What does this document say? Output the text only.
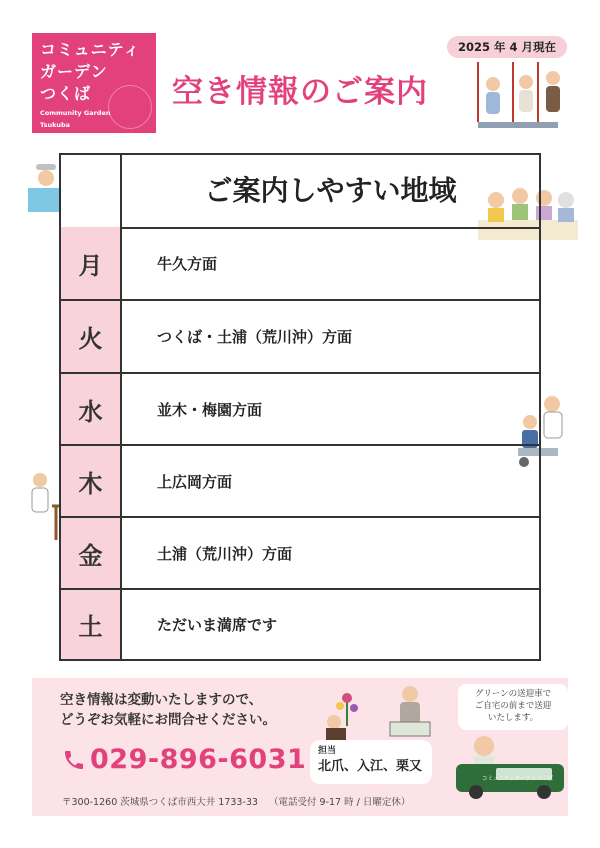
コミュニティ
ガーデン
つくば
Community Garden
Tsukuba
空き情報のご案内
2025 年 4 月現在
ご案内しやすい地域
月	牛久方面
火	つくば・土浦（荒川沖）方面
水	並木・梅園方面
木	上広岡方面
金	土浦（荒川沖）方面
土	ただいま満席です
空き情報は変動いたしますので、
どうぞお気軽にお問合せください。
029-896-6031 担当
北爪、入江、栗又
グリーンの送迎車で
ご自宅の前まで送迎
いたします。
コミュニティガーデンつくば
〒300-1260 茨城県つくば市西大井 1733-33 （電話受付 9-17 時 / 日曜定休）
